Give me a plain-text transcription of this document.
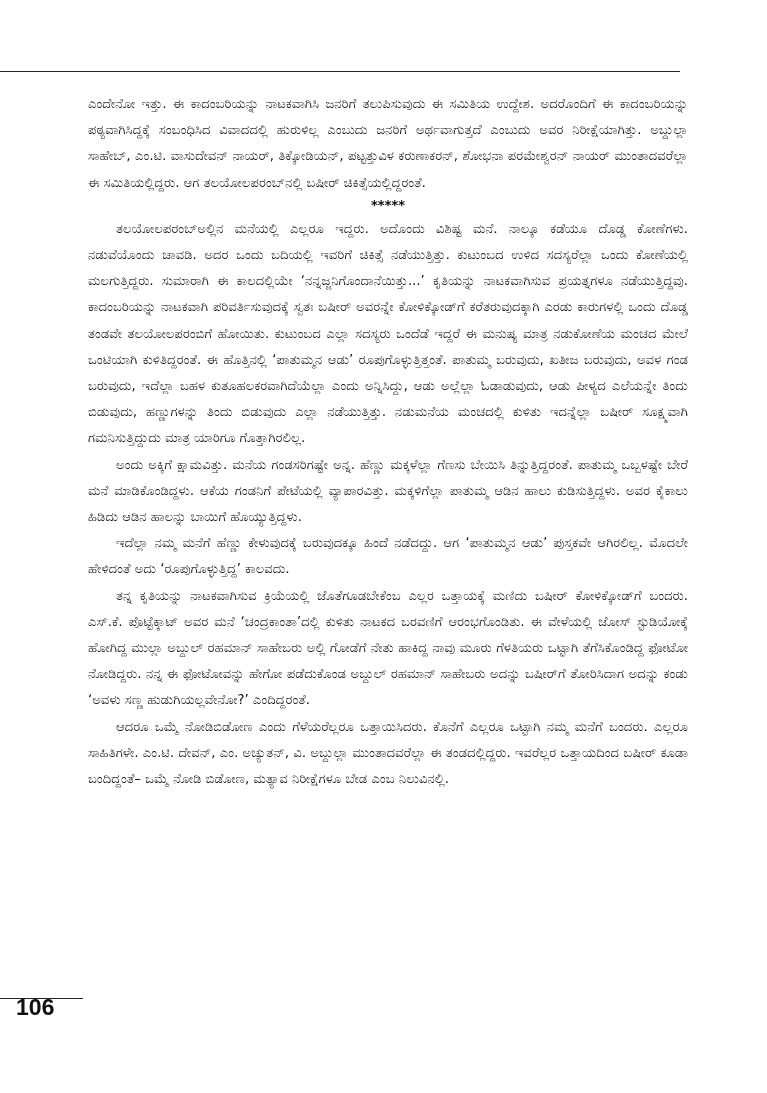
ಎಂದೇನೋ ಇತ್ತು. ಈ ಕಾದಂಬರಿಯನ್ನು ನಾಟಕವಾಗಿಸಿ ಜನರಿಗೆ ತಲುಪಿಸುವುದು ಈ ಸಮಿತಿಯ ಉದ್ದೇಶ. ಅದರೊಂದಿಗೆ ಈ ಕಾದಂಬರಿಯನ್ನು ಪಠ್ಯವಾಗಿಸಿದ್ದಕ್ಕೆ ಸಂಬಂಧಿಸಿದ ವಿವಾದದಲ್ಲಿ ಹುರುಳಿಲ್ಲ ಎಂಬುದು ಜನರಿಗೆ ಅರ್ಥವಾಗುತ್ತದೆ ಎಂಬುದು ಅವರ ನಿರೀಕ್ಷೆಯಾಗಿತ್ತು. ಅಬ್ದುಲ್ಲಾ ಸಾಹೇಬ್, ಎಂ.ಟಿ. ವಾಸುದೇವನ್ ನಾಯರ್, ತಿಕ್ಕೋಡಿಯನ್, ಪಟ್ಟತ್ತುವಿಳ ಕರುಣಾಕರನ್, ಶೋಭನಾ ಪರಮೇಶ್ವರನ್ ನಾಯರ್ ಮುಂತಾದವರೆಲ್ಲಾ ಈ ಸಮಿತಿಯಲ್ಲಿದ್ದರು. ಆಗ ತಲಯೋಲಪರಂಬ್‌ನಲ್ಲಿ ಬಷೀರ್ ಚಿಕಿತ್ಸೆಯಲ್ಲಿದ್ದರಂತೆ.

*****

ತಲಯೋಲಪರಂಬ್‌ಅಲ್ಲಿನ ಮನೆಯಲ್ಲಿ ಎಲ್ಲರೂ ಇದ್ದರು. ಅದೊಂದು ವಿಶಿಷ್ಟ ಮನೆ. ನಾಲ್ಕೂ ಕಡೆಯೂ ದೊಡ್ಡ ಕೋಣೆಗಳು. ನಡುವೆಯೊಂದು ಚಾವಡಿ. ಅದರ ಒಂದು ಬದಿಯಲ್ಲಿ ಇವರಿಗೆ ಚಿಕಿತ್ಸೆ ನಡೆಯುತ್ತಿತ್ತು. ಕುಟುಂಬದ ಉಳಿದ ಸದಸ್ಯರೆಲ್ಲಾ ಒಂದು ಕೋಣೆಯಲ್ಲಿ ಮಲಗುತ್ತಿದ್ದರು. ಸುಮಾರಾಗಿ ಈ ಕಾಲದಲ್ಲಿಯೇ ‘ನನ್ನಜ್ಜನಿಗೊಂದಾನೆಯಿತ್ತು...’ ಕೃತಿಯನ್ನು ನಾಟಕವಾಗಿಸುವ ಪ್ರಯತ್ನಗಳೂ ನಡೆಯುತ್ತಿದ್ದವು. ಕಾದಂಬರಿಯನ್ನು ನಾಟಕವಾಗಿ ಪರಿವರ್ತಿಸುವುದಕ್ಕೆ ಸ್ವತಃ ಬಷೀರ್ ಅವರನ್ನೇ ಕೋಳಿಕ್ಕೋಡ್‌ಗೆ ಕರೆತರುವುದಕ್ಕಾಗಿ ಎರಡು ಕಾರುಗಳಲ್ಲಿ ಒಂದು ದೊಡ್ಡ ತಂಡವೇ ತಲಯೋಲಪರಂಬಿಗೆ ಹೋಯಿತು. ಕುಟುಂಬದ ಎಲ್ಲಾ ಸದಸ್ಯರು ಒಂದೆಡೆ ಇದ್ದರೆ ಈ ಮನುಷ್ಯ ಮಾತ್ರ ನಡುಕೋಣೆಯ ಮಂಚದ ಮೇಲೆ ಒಂಟಿಯಾಗಿ ಕುಳಿತಿದ್ದರಂತೆ. ಈ ಹೊತ್ತಿನಲ್ಲಿ ‘ಪಾತುಮ್ಮನ ಆಡು’ ರೂಪುಗೊಳ್ಳುತ್ತಿತ್ತಂತೆ. ಪಾತುಮ್ಮ ಬರುವುದು, ಖತೀಜ ಬರುವುದು, ಅವಳ ಗಂಡ ಬರುವುದು, ಇದೆಲ್ಲಾ ಬಹಳ ಕುತೂಹಲಕರವಾಗಿದೆಯೆಲ್ಲಾ ಎಂದು ಅನ್ನಿಸಿದ್ದು, ಆಡು ಅಲ್ಲೆಲ್ಲಾ ಓಡಾಡುವುದು, ಆಡು ಪೀಳ್ಯದ ಎಲೆಯನ್ನೇ ತಿಂದು ಬಿಡುವುದು, ಹಣ್ಣುಗಳನ್ನು ತಿಂದು ಬಿಡುವುದು ಎಲ್ಲಾ ನಡೆಯುತ್ತಿತ್ತು. ನಡುಮನೆಯ ಮಂಚದಲ್ಲಿ ಕುಳಿತು ಇದನ್ನೆಲ್ಲಾ ಬಷೀರ್ ಸೂಕ್ಷ್ಮವಾಗಿ ಗಮನಿಸುತ್ತಿದ್ದುದು ಮಾತ್ರ ಯಾರಿಗೂ ಗೊತ್ತಾಗಿರಲಿಲ್ಲ.

ಅಂದು ಅಕ್ಕಿಗೆ ಕ್ಷಾಮವಿತ್ತು. ಮನೆಯ ಗಂಡಸರಿಗಷ್ಟೇ ಅನ್ನ. ಹೆಣ್ಣು ಮಕ್ಕಳೆಲ್ಲಾ ಗೆಣಸು ಬೇಯಿಸಿ ತಿನ್ನುತ್ತಿದ್ದರಂತೆ. ಪಾತುಮ್ಮ ಒಬ್ಬಳಷ್ಟೇ ಬೇರೆ ಮನೆ ಮಾಡಿಕೊಂಡಿದ್ದಳು. ಆಕೆಯ ಗಂಡನಿಗೆ ಪೇಟೆಯಲ್ಲಿ ವ್ಯಾಪಾರವಿತ್ತು. ಮಕ್ಕಳಿಗೆಲ್ಲಾ ಪಾತುಮ್ಮ ಆಡಿನ ಹಾಲು ಕುಡಿಸುತ್ತಿದ್ದಳು. ಅವರ ಕೈಕಾಲು ಹಿಡಿದು ಆಡಿನ ಹಾಲನ್ನು ಬಾಯಿಗೆ ಹೊಯ್ಯುತ್ತಿದ್ದಳು.

ಇದೆಲ್ಲಾ ನಮ್ಮ ಮನೆಗೆ ಹೆಣ್ಣು ಕೇಳುವುದಕ್ಕೆ ಬರುವುದಕ್ಕೂ ಹಿಂದೆ ನಡೆದದ್ದು. ಆಗ ‘ಪಾತುಮ್ಮನ ಆಡು’ ಪುಸ್ತಕವೇ ಆಗಿರಲಿಲ್ಲ. ಮೊದಲೇ ಹೇಳಿದಂತೆ ಅದು ‘ರೂಪುಗೊಳ್ಳುತ್ತಿದ್ದ’ ಕಾಲವದು.

ತನ್ನ ಕೃತಿಯನ್ನು ನಾಟಕವಾಗಿಸುವ ಕ್ರಿಯೆಯಲ್ಲಿ ಜೊತೆಗೂಡಬೇಕೆಂಬ ಎಲ್ಲರ ಒತ್ತಾಯಕ್ಕೆ ಮಣಿದು ಬಷೀರ್ ಕೋಳಿಕ್ಕೋಡ್‌ಗೆ ಬಂದರು. ಎಸ್.ಕೆ. ಪೊಟ್ಟೆಕ್ಕಾಟ್ ಅವರ ಮನೆ ‘ಚಂದ್ರಕಾಂತಾ’ದಲ್ಲಿ ಕುಳಿತು ನಾಟಕದ ಬರವಣಿಗೆ ಆರಂಭಗೊಂಡಿತು. ಈ ವೇಳೆಯಲ್ಲಿ ಜೋಸ್ ಸ್ಟುಡಿಯೋಕ್ಕೆ ಹೋಗಿದ್ದ ಮುಲ್ಲಾ ಅಬ್ದುಲ್ ರಹಮಾನ್ ಸಾಹೇಬರು ಅಲ್ಲಿ ಗೋಡೆಗೆ ನೇತು ಹಾಕಿದ್ದ ನಾವು ಮೂರು ಗೆಳತಿಯರು ಒಟ್ಟಾಗಿ ತೆಗೆಸಿಕೊಂಡಿದ್ದ ಫೋಟೋ ನೋಡಿದ್ದರು. ನನ್ನ ಈ ಫೋಟೋವನ್ನು ಹೇಗೋ ಪಡೆದುಕೊಂಡ ಅಬ್ದುಲ್ ರಹಮಾನ್ ಸಾಹೇಬರು ಅದನ್ನು ಬಷೀರ್‌ಗೆ ತೋರಿಸಿದಾಗ ಅದನ್ನು ಕಂಡು ‘ಅವಳು ಸಣ್ಣ ಹುಡುಗಿಯಲ್ಲವೇನೋ?’ ಎಂದಿದ್ದರಂತೆ.

ಆದರೂ ಒಮ್ಮೆ ನೋಡಿಬಿಡೋಣ ಎಂದು ಗೆಳೆಯರೆಲ್ಲರೂ ಒತ್ತಾಯಿಸಿದರು. ಕೊನೆಗೆ ಎಲ್ಲರೂ ಒಟ್ಟಾಗಿ ನಮ್ಮ ಮನೆಗೆ ಬಂದರು. ಎಲ್ಲರೂ ಸಾಹಿತಿಗಳೇ. ಎಂ.ಟಿ. ದೇವನ್, ಎಂ. ಅಚ್ಯುತನ್, ವಿ. ಅಬ್ದುಲ್ಲಾ ಮುಂತಾದವರೆಲ್ಲಾ ಈ ತಂಡದಲ್ಲಿದ್ದರು. ಇವರೆಲ್ಲರ ಒತ್ತಾಯದಿಂದ ಬಷೀರ್ ಕೂಡಾ ಬಂದಿದ್ದಂತೆ– ಒಮ್ಮೆ ನೋಡಿ ಬಿಡೋಣ, ಮತ್ಯಾವ ನಿರೀಕ್ಷೆಗಳೂ ಬೇಡ ಎಂಬ ನಿಲುವಿನಲ್ಲಿ.

106
